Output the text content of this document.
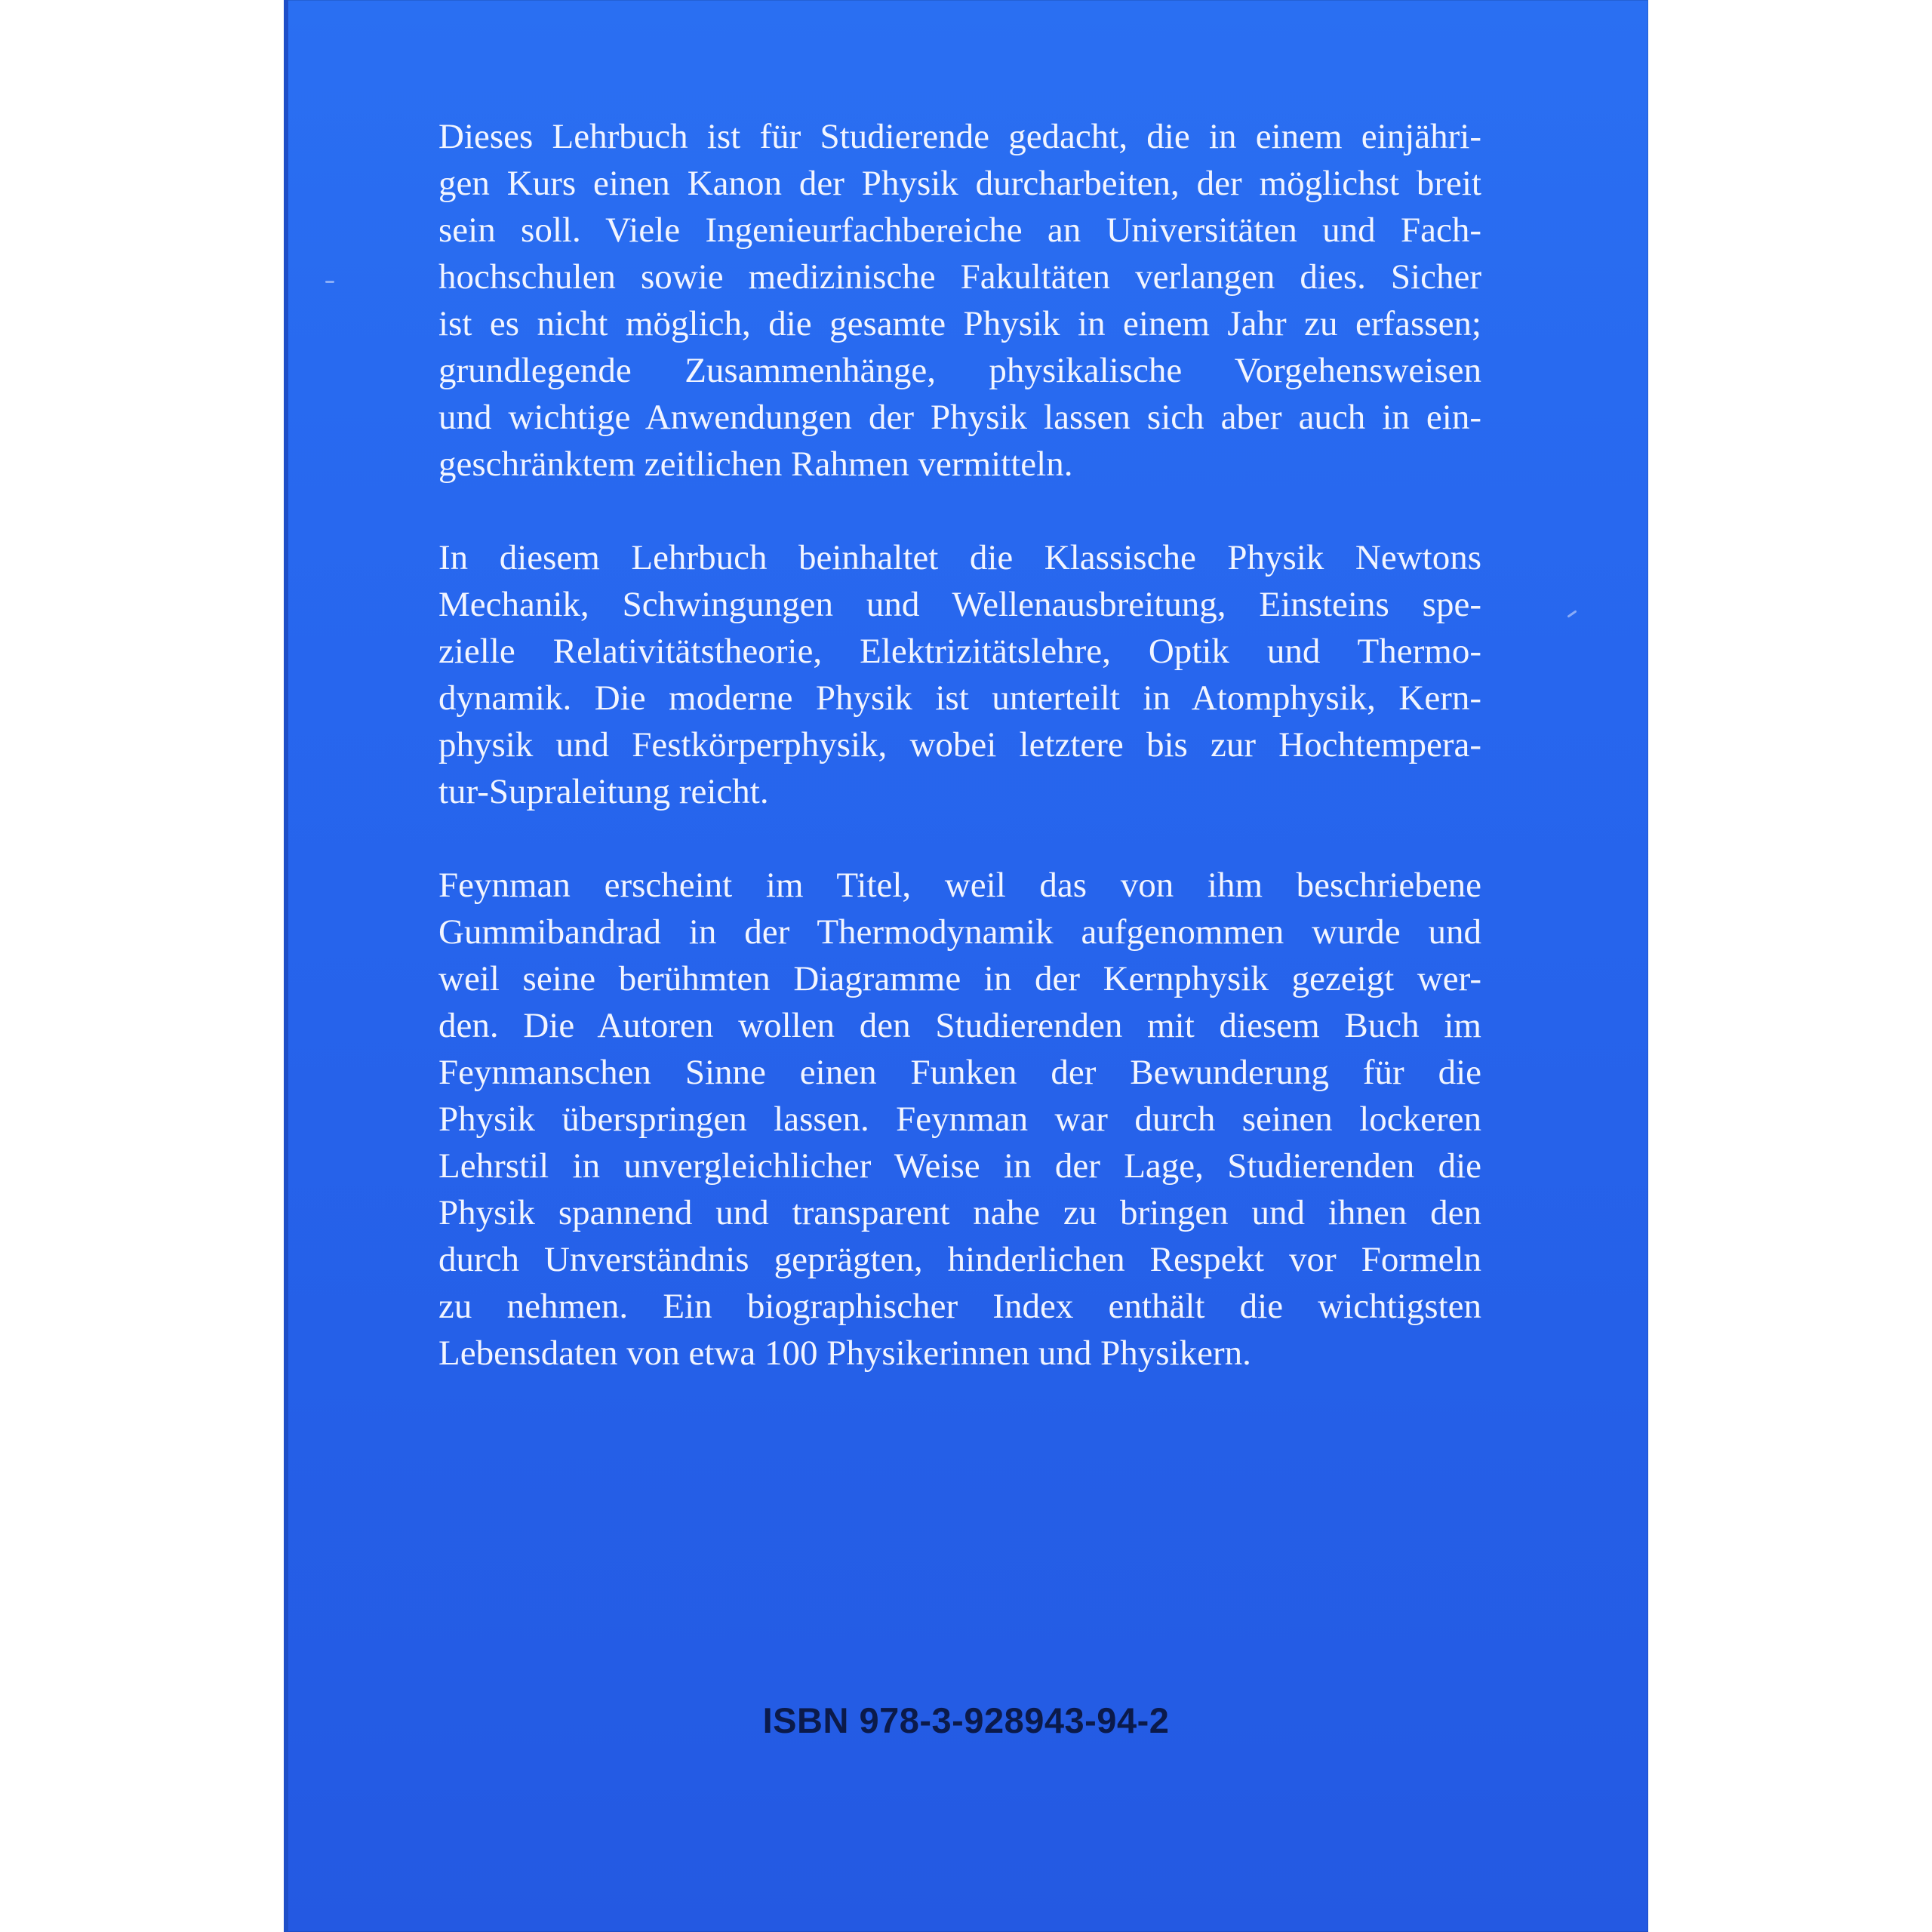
Dieses Lehrbuch ist für Studierende gedacht, die in einem einjähri-
gen Kurs einen Kanon der Physik durcharbeiten, der möglichst breit
sein soll. Viele Ingenieurfachbereiche an Universitäten und Fach-
hochschulen sowie medizinische Fakultäten verlangen dies. Sicher
ist es nicht möglich, die gesamte Physik in einem Jahr zu erfassen;
grundlegende Zusammenhänge, physikalische Vorgehensweisen
und wichtige Anwendungen der Physik lassen sich aber auch in ein-
geschränktem zeitlichen Rahmen vermitteln.
In diesem Lehrbuch beinhaltet die Klassische Physik Newtons
Mechanik, Schwingungen und Wellenausbreitung, Einsteins spe-
zielle Relativitätstheorie, Elektrizitätslehre, Optik und Thermo-
dynamik. Die moderne Physik ist unterteilt in Atomphysik, Kern-
physik und Festkörperphysik, wobei letztere bis zur Hochtempera-
tur-Supraleitung reicht.
Feynman erscheint im Titel, weil das von ihm beschriebene
Gummibandrad in der Thermodynamik aufgenommen wurde und
weil seine berühmten Diagramme in der Kernphysik gezeigt wer-
den. Die Autoren wollen den Studierenden mit diesem Buch im
Feynmanschen Sinne einen Funken der Bewunderung für die
Physik überspringen lassen. Feynman war durch seinen lockeren
Lehrstil in unvergleichlicher Weise in der Lage, Studierenden die
Physik spannend und transparent nahe zu bringen und ihnen den
durch Unverständnis geprägten, hinderlichen Respekt vor Formeln
zu nehmen. Ein biographischer Index enthält die wichtigsten
Lebensdaten von etwa 100 Physikerinnen und Physikern.
ISBN 978-3-928943-94-2
